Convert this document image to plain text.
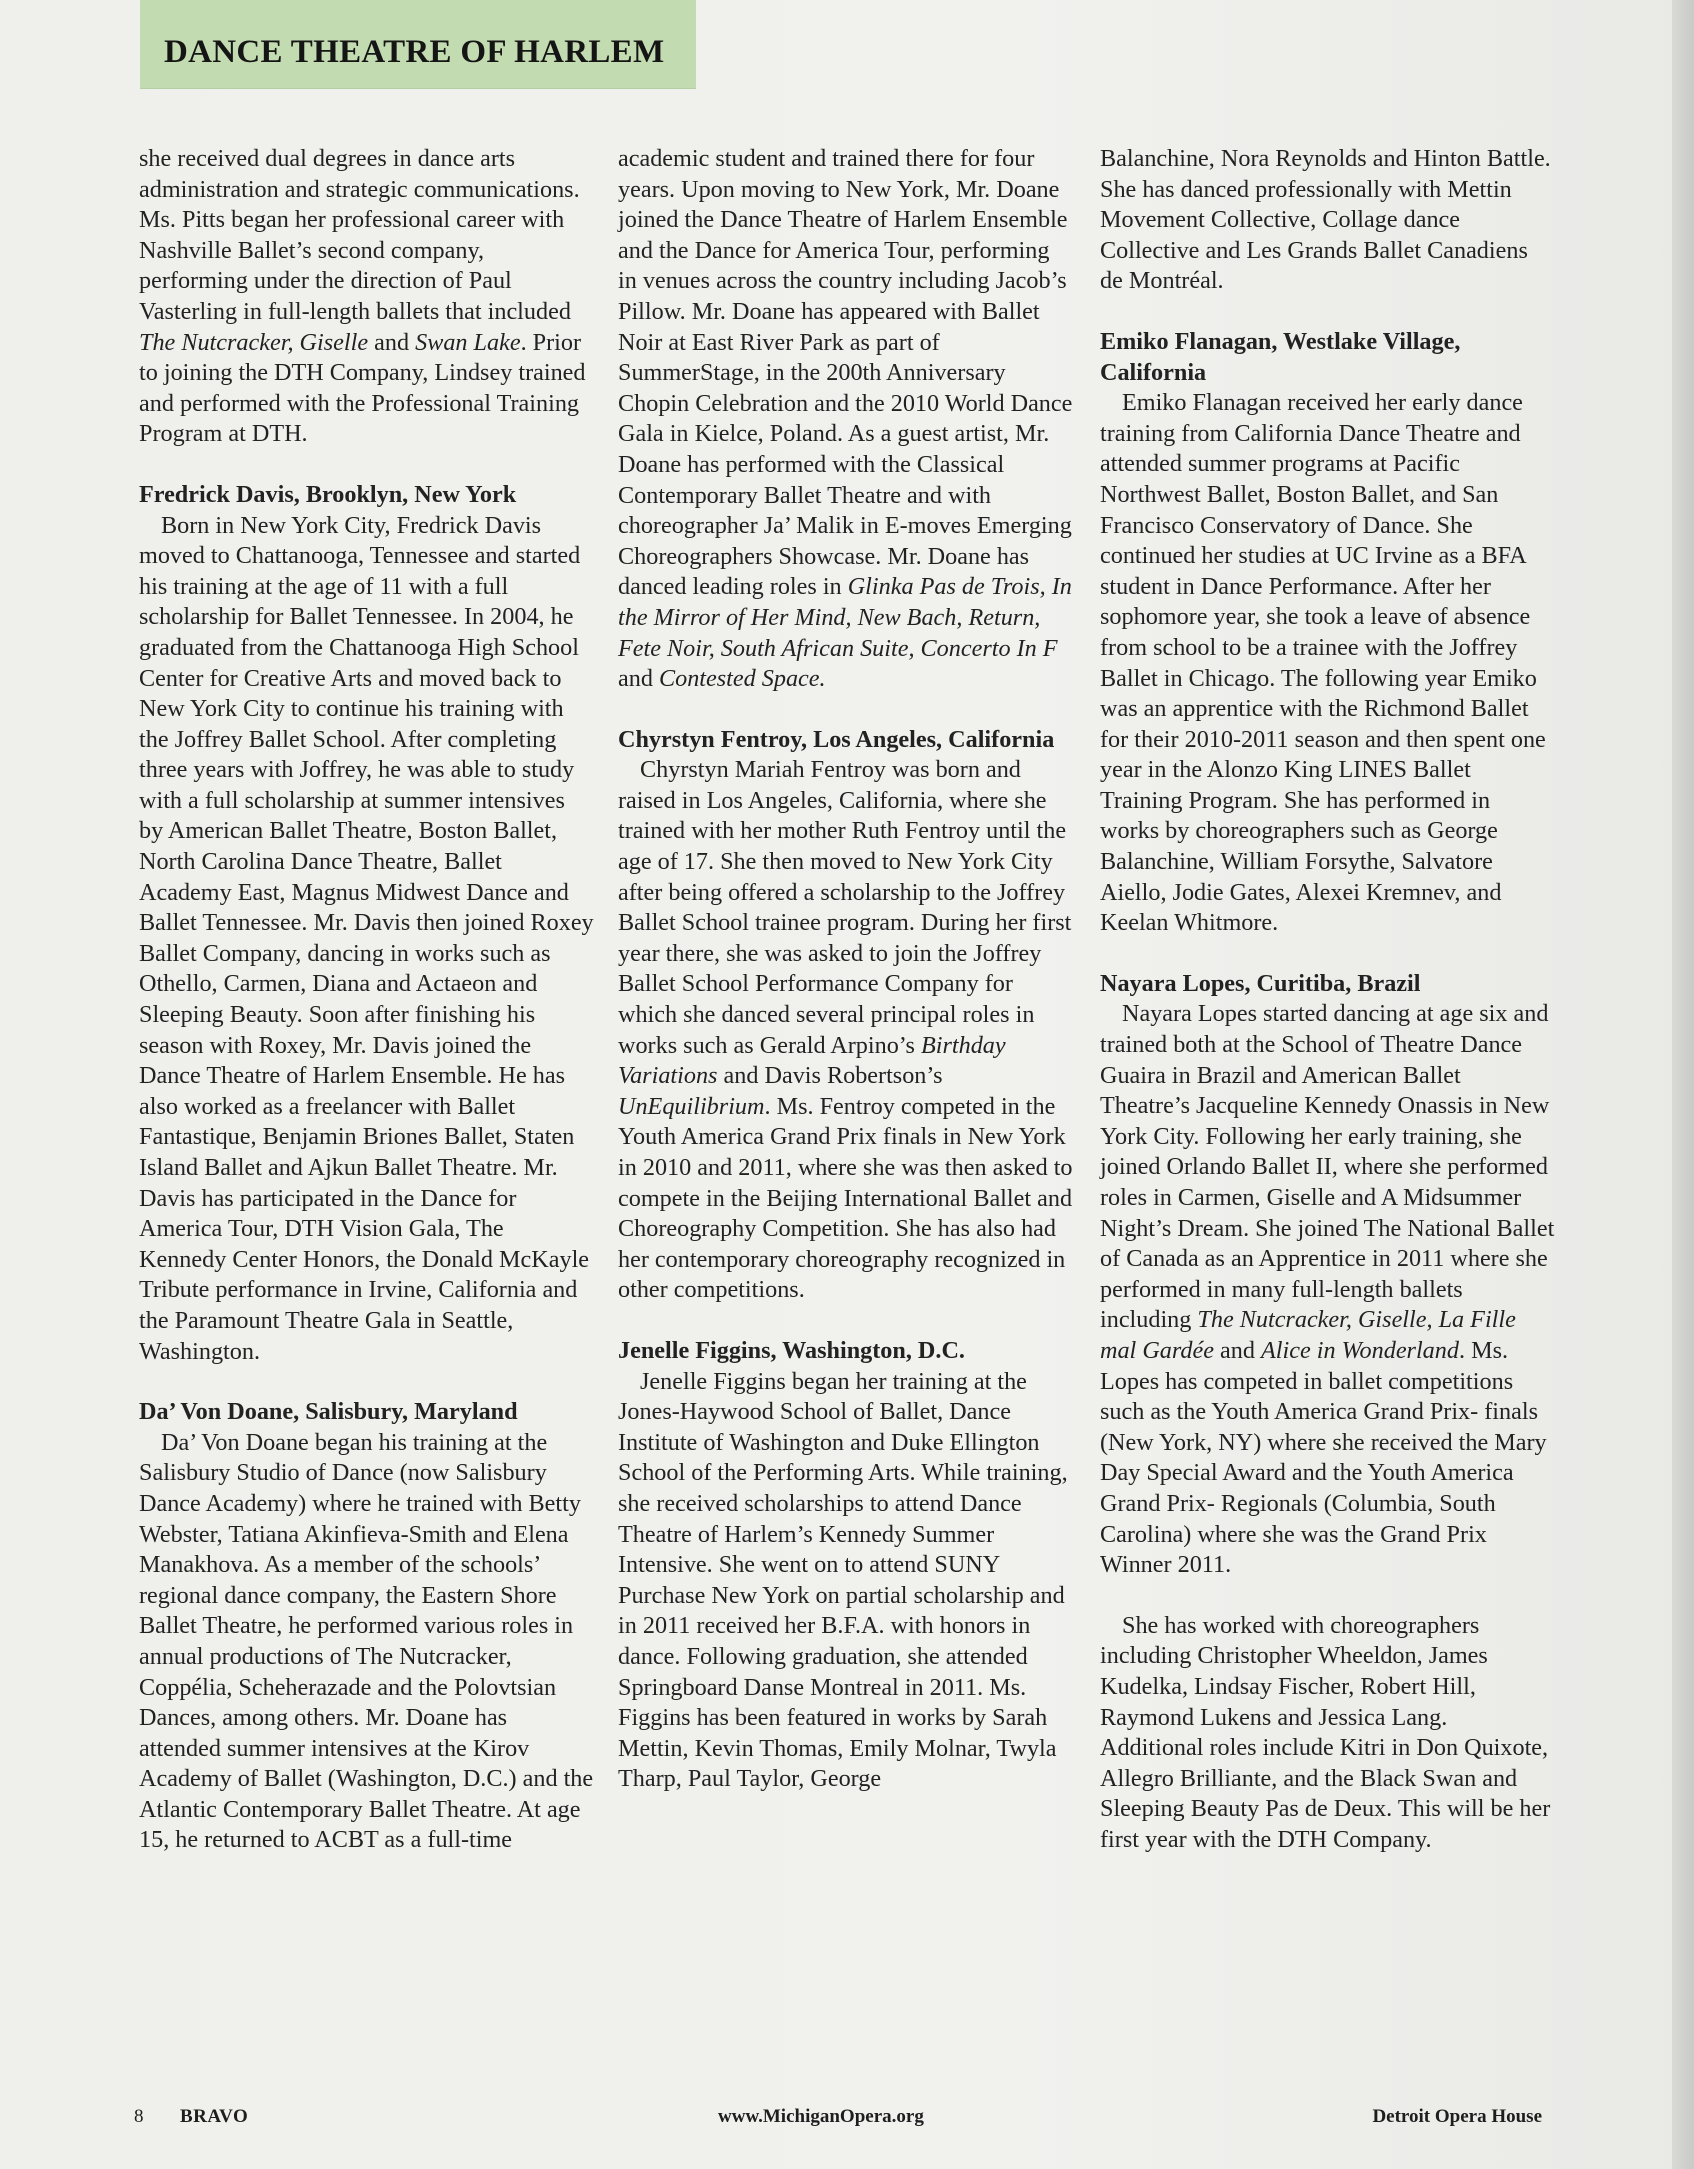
DANCE THEATRE OF HARLEM

she received dual degrees in dance arts administration and strategic communications. Ms. Pitts began her professional career with Nashville Ballet’s second company, performing under the direction of Paul Vasterling in full-length ballets that included The Nutcracker, Giselle and Swan Lake. Prior to joining the DTH Company, Lindsey trained and performed with the Professional Training Program at DTH.

Fredrick Davis, Brooklyn, New York

Born in New York City, Fredrick Davis moved to Chattanooga, Tennessee and started his training at the age of 11 with a full scholarship for Ballet Tennessee. In 2004, he graduated from the Chattanooga High School Center for Creative Arts and moved back to New York City to continue his training with the Joffrey Ballet School. After completing three years with Joffrey, he was able to study with a full scholarship at summer intensives by American Ballet Theatre, Boston Ballet, North Carolina Dance Theatre, Ballet Academy East, Magnus Midwest Dance and Ballet Tennessee. Mr. Davis then joined Roxey Ballet Company, dancing in works such as Othello, Carmen, Diana and Actaeon and Sleeping Beauty. Soon after finishing his season with Roxey, Mr. Davis joined the Dance Theatre of Harlem Ensemble. He has also worked as a freelancer with Ballet Fantastique, Benjamin Briones Ballet, Staten Island Ballet and Ajkun Ballet Theatre. Mr. Davis has participated in the Dance for America Tour, DTH Vision Gala, The Kennedy Center Honors, the Donald McKayle Tribute performance in Irvine, California and the Paramount Theatre Gala in Seattle, Washington.

Da’ Von Doane, Salisbury, Maryland

Da’ Von Doane began his training at the Salisbury Studio of Dance (now Salisbury Dance Academy) where he trained with Betty Webster, Tatiana Akinfieva-Smith and Elena Manakhova. As a member of the schools’ regional dance company, the Eastern Shore Ballet Theatre, he performed various roles in annual productions of The Nutcracker, Coppélia, Scheherazade and the Polovtsian Dances, among others. Mr. Doane has attended summer intensives at the Kirov Academy of Ballet (Washington, D.C.) and the Atlantic Contemporary Ballet Theatre. At age 15, he returned to ACBT as a full-time

academic student and trained there for four years. Upon moving to New York, Mr. Doane joined the Dance Theatre of Harlem Ensemble and the Dance for America Tour, performing in venues across the country including Jacob’s Pillow. Mr. Doane has appeared with Ballet Noir at East River Park as part of SummerStage, in the 200th Anniversary Chopin Celebration and the 2010 World Dance Gala in Kielce, Poland. As a guest artist, Mr. Doane has performed with the Classical Contemporary Ballet Theatre and with choreographer Ja’ Malik in E-moves Emerging Choreographers Showcase. Mr. Doane has danced leading roles in Glinka Pas de Trois, In the Mirror of Her Mind, New Bach, Return, Fete Noir, South African Suite, Concerto In F and Contested Space.

Chyrstyn Fentroy, Los Angeles, California

Chyrstyn Mariah Fentroy was born and raised in Los Angeles, California, where she trained with her mother Ruth Fentroy until the age of 17. She then moved to New York City after being offered a scholarship to the Joffrey Ballet School trainee program. During her first year there, she was asked to join the Joffrey Ballet School Performance Company for which she danced several principal roles in works such as Gerald Arpino’s Birthday Variations and Davis Robertson’s UnEquilibrium. Ms. Fentroy competed in the Youth America Grand Prix finals in New York in 2010 and 2011, where she was then asked to compete in the Beijing International Ballet and Choreography Competition. She has also had her contemporary choreography recognized in other competitions.

Jenelle Figgins, Washington, D.C.

Jenelle Figgins began her training at the Jones-Haywood School of Ballet, Dance Institute of Washington and Duke Ellington School of the Performing Arts. While training, she received scholarships to attend Dance Theatre of Harlem’s Kennedy Summer Intensive. She went on to attend SUNY Purchase New York on partial scholarship and in 2011 received her B.F.A. with honors in dance. Following graduation, she attended Springboard Danse Montreal in 2011. Ms. Figgins has been featured in works by Sarah Mettin, Kevin Thomas, Emily Molnar, Twyla Tharp, Paul Taylor, George

Balanchine, Nora Reynolds and Hinton Battle. She has danced professionally with Mettin Movement Collective, Collage dance Collective and Les Grands Ballet Canadiens de Montréal.

Emiko Flanagan, Westlake Village, California

Emiko Flanagan received her early dance training from California Dance Theatre and attended summer programs at Pacific Northwest Ballet, Boston Ballet, and San Francisco Conservatory of Dance. She continued her studies at UC Irvine as a BFA student in Dance Performance. After her sophomore year, she took a leave of absence from school to be a trainee with the Joffrey Ballet in Chicago. The following year Emiko was an apprentice with the Richmond Ballet for their 2010-2011 season and then spent one year in the Alonzo King LINES Ballet Training Program. She has performed in works by choreographers such as George Balanchine, William Forsythe, Salvatore Aiello, Jodie Gates, Alexei Kremnev, and Keelan Whitmore.

Nayara Lopes, Curitiba, Brazil

Nayara Lopes started dancing at age six and trained both at the School of Theatre Dance Guaira in Brazil and American Ballet Theatre’s Jacqueline Kennedy Onassis in New York City. Following her early training, she joined Orlando Ballet II, where she performed roles in Carmen, Giselle and A Midsummer Night’s Dream. She joined The National Ballet of Canada as an Apprentice in 2011 where she performed in many full-length ballets including The Nutcracker, Giselle, La Fille mal Gardée and Alice in Wonderland. Ms. Lopes has competed in ballet competitions such as the Youth America Grand Prix- finals (New York, NY) where she received the Mary Day Special Award and the Youth America Grand Prix- Regionals (Columbia, South Carolina) where she was the Grand Prix Winner 2011.

She has worked with choreographers including Christopher Wheeldon, James Kudelka, Lindsay Fischer, Robert Hill, Raymond Lukens and Jessica Lang. Additional roles include Kitri in Don Quixote, Allegro Brilliante, and the Black Swan and Sleeping Beauty Pas de Deux. This will be her first year with the DTH Company.

8 BRAVO	www.MichiganOpera.org	Detroit Opera House
